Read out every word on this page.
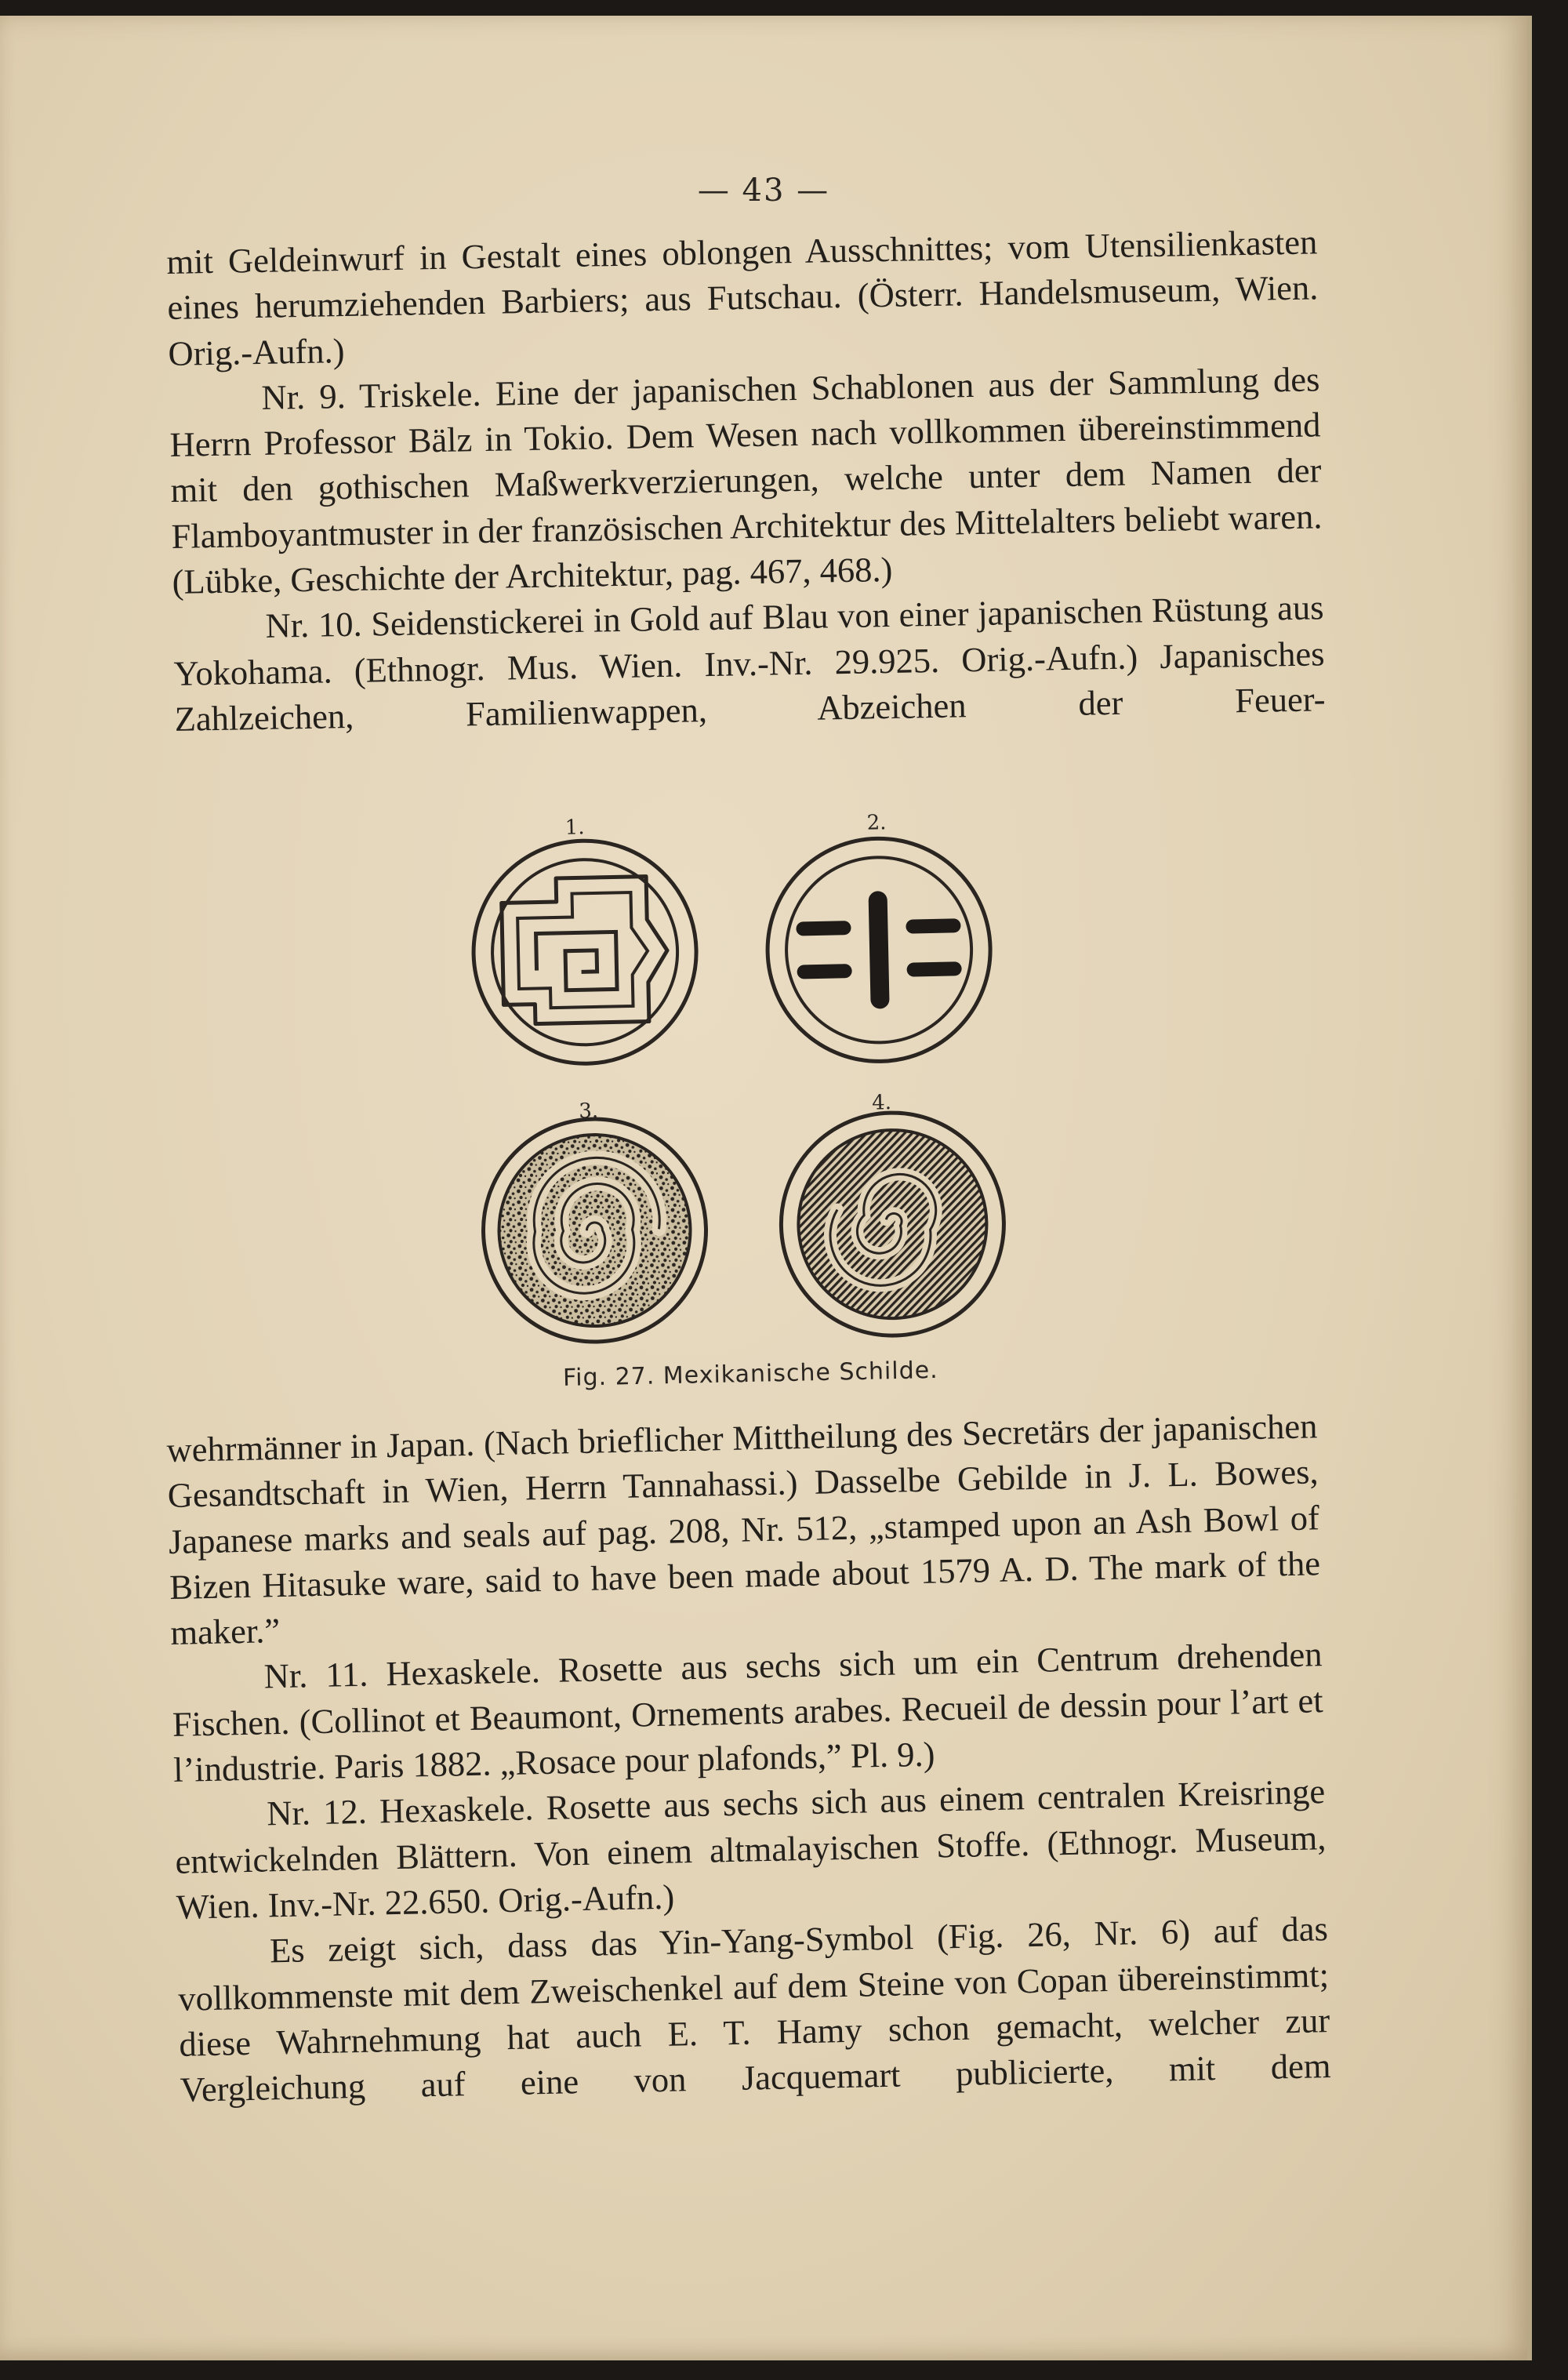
— 43 —

mit Geldeinwurf in Gestalt eines oblongen Ausschnittes; vom Utensilienkasten eines herumziehenden Barbiers; aus Futschau. (Österr. Handelsmuseum, Wien. Orig.-Aufn.)

Nr. 9. Triskele. Eine der japanischen Schablonen aus der Sammlung des Herrn Professor Bälz in Tokio. Dem Wesen nach vollkommen übereinstimmend mit den gothischen Maßwerkverzierungen, welche unter dem Namen der Flamboyantmuster in der französischen Architektur des Mittelalters beliebt waren. (Lübke, Geschichte der Architektur, pag. 467, 468.)

Nr. 10. Seidenstickerei in Gold auf Blau von einer japanischen Rüstung aus Yokohama. (Ethnogr. Mus. Wien. Inv.-Nr. 29.925. Orig.-Aufn.) Japanisches Zahlzeichen, Familienwappen, Abzeichen der Feuer-

1.	2.
3.	4.
Fig. 27. Mexikanische Schilde.

wehrmänner in Japan. (Nach brieflicher Mittheilung des Secretärs der japanischen Gesandtschaft in Wien, Herrn Tannahassi.) Dasselbe Gebilde in J. L. Bowes, Japanese marks and seals auf pag. 208, Nr. 512, „stamped upon an Ash Bowl of Bizen Hitasuke ware, said to have been made about 1579 A. D. The mark of the maker.”

Nr. 11. Hexaskele. Rosette aus sechs sich um ein Centrum drehenden Fischen. (Collinot et Beaumont, Ornements arabes. Recueil de dessin pour l’art et l’industrie. Paris 1882. „Rosace pour plafonds,” Pl. 9.)

Nr. 12. Hexaskele. Rosette aus sechs sich aus einem centralen Kreisringe entwickelnden Blättern. Von einem altmalayischen Stoffe. (Ethnogr. Museum, Wien. Inv.-Nr. 22.650. Orig.-Aufn.)

Es zeigt sich, dass das Yin-Yang-Symbol (Fig. 26, Nr. 6) auf das vollkommenste mit dem Zweischenkel auf dem Steine von Copan übereinstimmt; diese Wahrnehmung hat auch E. T. Hamy schon gemacht, welcher zur Vergleichung auf eine von Jacquemart publicierte, mit dem
